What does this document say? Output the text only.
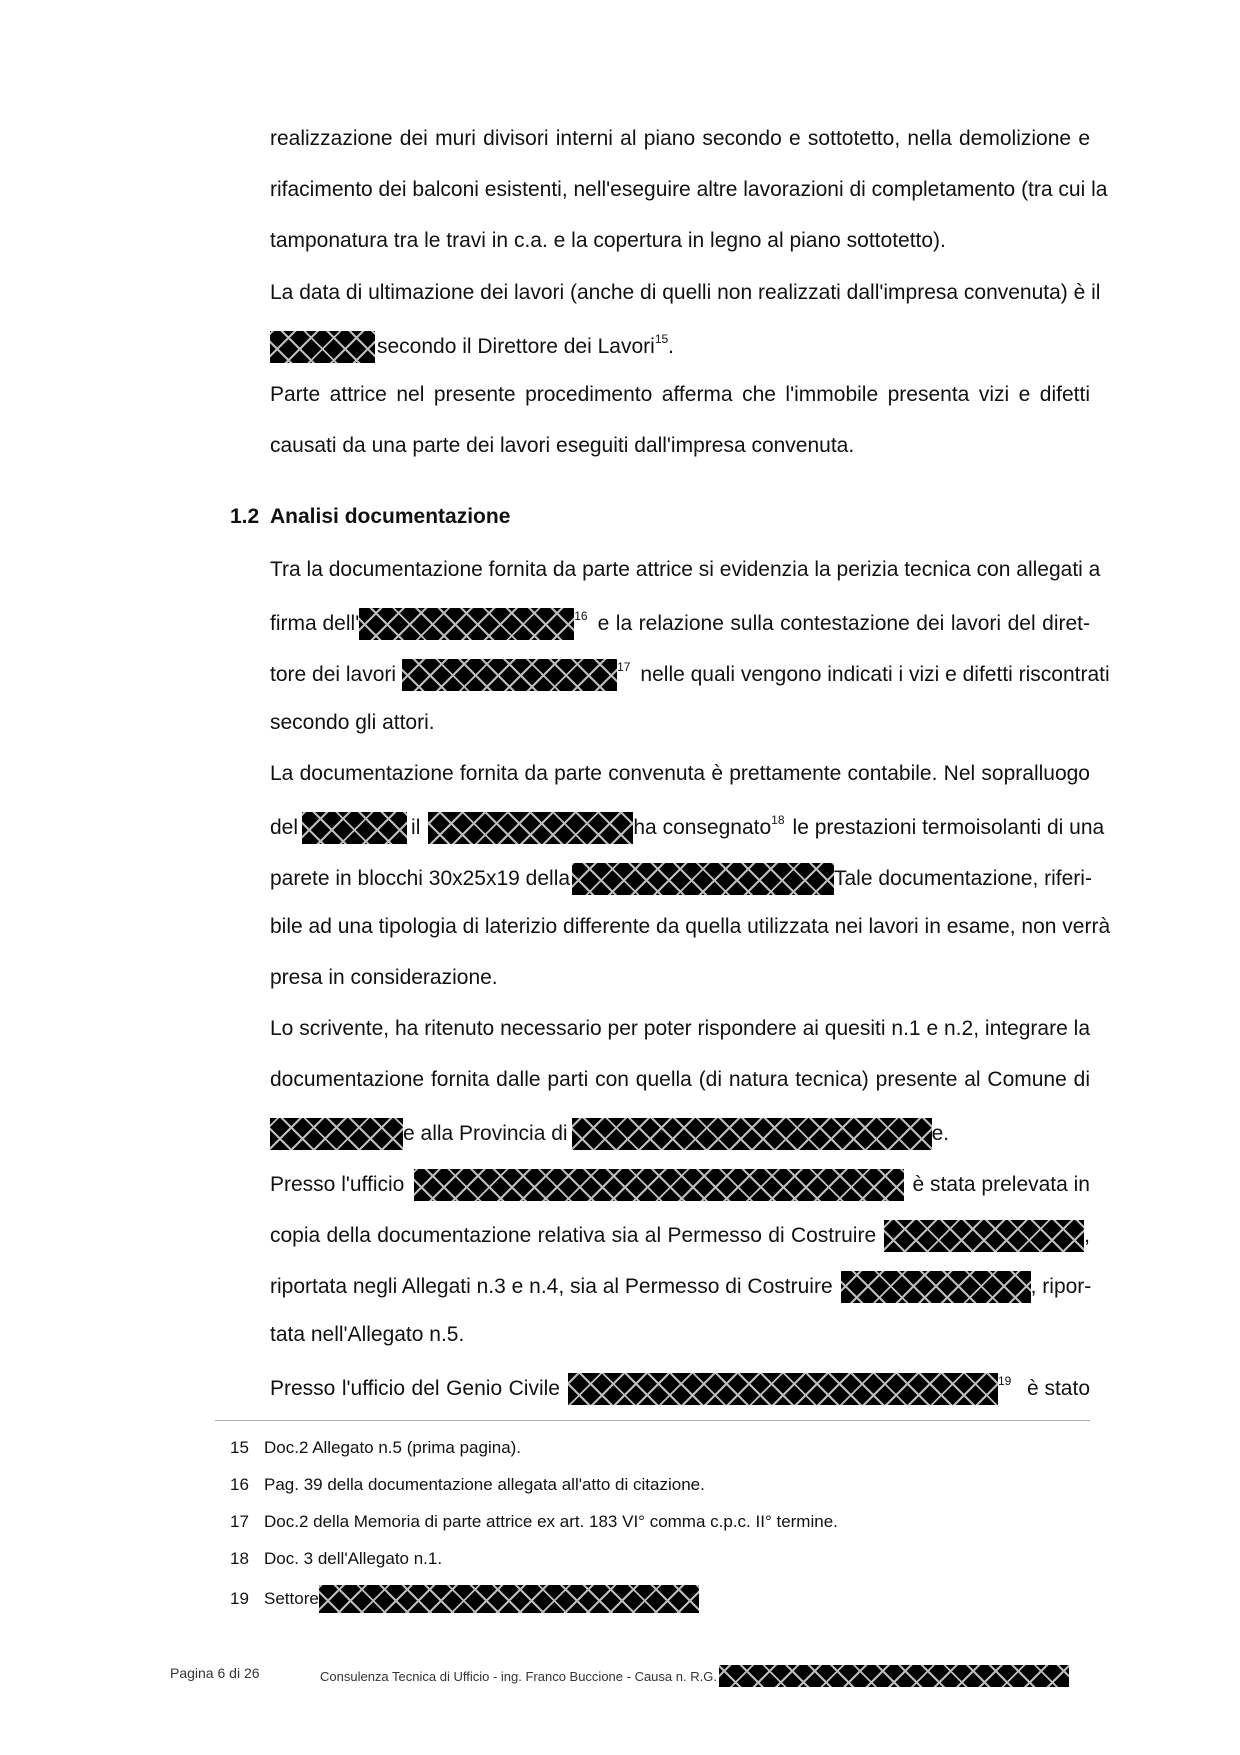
realizzazione dei muri divisori interni al piano secondo e sottotetto, nella demolizione e
rifacimento dei balconi esistenti, nell'eseguire altre lavorazioni di completamento (tra cui la
tamponatura tra le travi in c.a. e la copertura in legno al piano sottotetto).
La data di ultimazione dei lavori (anche di quelli non realizzati dall'impresa convenuta) è il
secondo il Direttore dei Lavori$^{15}$ .
Parte attrice nel presente procedimento afferma che l'immobile presenta vizi e difetti
causati da una parte dei lavori eseguiti dall'impresa convenuta.
1.2 Analisi documentazione
Tra la documentazione fornita da parte attrice si evidenzia la perizia tecnica con allegati a
firma dell'	$^{16}$ e la relazione sulla contestazione dei lavori del diret-
tore dei lavori	$^{17}$ nelle quali vengono indicati i vizi e difetti riscontrati
secondo gli attori.
La documentazione fornita da parte convenuta è prettamente contabile. Nel sopralluogo
del	il	ha consegnato$^{18}$ le prestazioni termoisolanti di una
parete in blocchi 30x25x19 della	Tale documentazione, riferi-
bile ad una tipologia di laterizio differente da quella utilizzata nei lavori in esame, non verrà
presa in considerazione.
Lo scrivente, ha ritenuto necessario per poter rispondere ai quesiti n.1 e n.2, integrare la
documentazione fornita dalle parti con quella (di natura tecnica) presente al Comune di
e alla Provincia di	e.
Presso l'ufficio	è stata prelevata in
copia della documentazione relativa sia al Permesso di Costruire	,
riportata negli Allegati n.3 e n.4, sia al Permesso di Costruire	, ripor-
tata nell'Allegato n.5.
Presso l'ufficio del Genio Civile	$^{19}$ è stato
15 Doc.2 Allegato n.5 (prima pagina).
16 Pag. 39 della documentazione allegata all'atto di citazione.
17 Doc.2 della Memoria di parte attrice ex art. 183 VI° comma c.p.c. II° termine.
18 Doc. 3 dell'Allegato n.1.
19 Settore
Pagina 6 di 26	Consulenza Tecnica di Ufficio - ing. Franco Buccione - Causa n. R.G.
